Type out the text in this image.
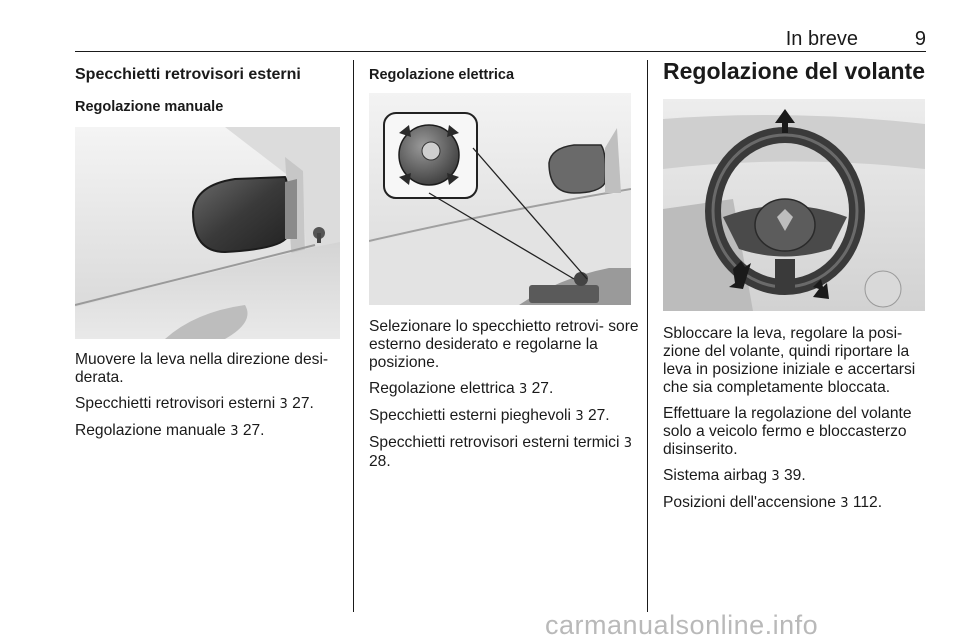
In breve	9
Specchietti retrovisori esterni
Regolazione manuale

Muovere la leva nella direzione desi- derata.

Specchietti retrovisori esterni 3 27.

Regolazione manuale 3 27.

Regolazione elettrica

Selezionare lo specchietto retrovi- sore esterno desiderato e regolarne la posizione.

Regolazione elettrica 3 27.

Specchietti esterni pieghevoli 3 27.

Specchietti retrovisori esterni termici 3 28.

Regolazione del volante

Sbloccare la leva, regolare la posi- zione del volante, quindi riportare la leva in posizione iniziale e accertarsi che sia completamente bloccata.

Effettuare la regolazione del volante solo a veicolo fermo e bloccasterzo disinserito.

Sistema airbag 3 39.

Posizioni dell'accensione 3 112.

carmanualsonline.info
